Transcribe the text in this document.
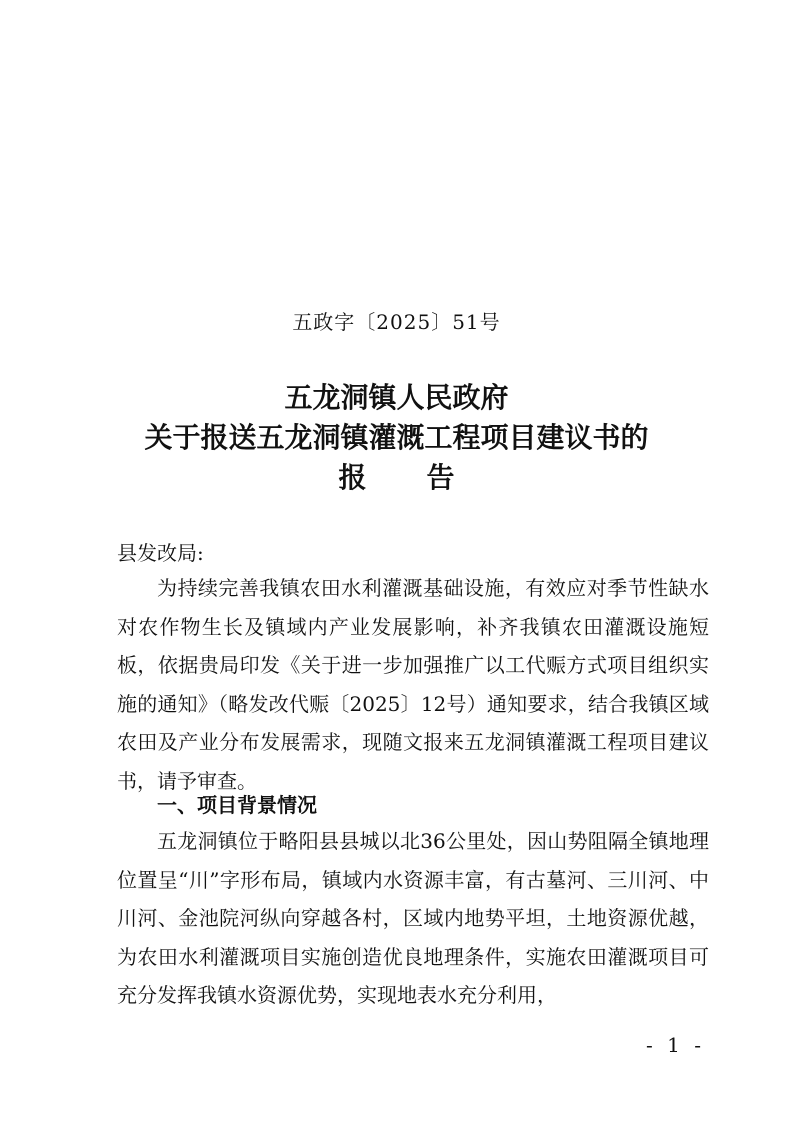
五政字〔2025〕51号
五龙洞镇人民政府
关于报送五龙洞镇灌溉工程项目建议书的
报告
县发改局:

为持续完善我镇农田水利灌溉基础设施，有效应对季节性缺水对农作物生长及镇域内产业发展影响，补齐我镇农田灌溉设施短板，依据贵局印发《关于进一步加强推广以工代赈方式项目组织实施的通知》（略发改代赈〔2025〕12号）通知要求，结合我镇区域农田及产业分布发展需求，现随文报来五龙洞镇灌溉工程项目建议书，请予审查。

一、项目背景情况

五龙洞镇位于略阳县县城以北36公里处，因山势阻隔全镇地理位置呈“川”字形布局，镇域内水资源丰富，有古墓河、三川河、中川河、金池院河纵向穿越各村，区域内地势平坦，土地资源优越，为农田水利灌溉项目实施创造优良地理条件，实施农田灌溉项目可充分发挥我镇水资源优势，实现地表水充分利用，

- 1 -
